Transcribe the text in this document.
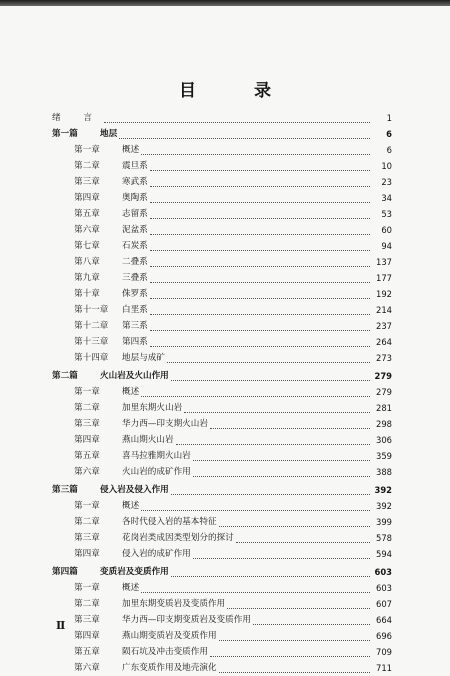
目 录
绪 言	1
第一篇	地层	6
第一章	概述	6
第二章	震旦系	10
第三章	寒武系	23
第四章	奥陶系	34
第五章	志留系	53
第六章	泥盆系	60
第七章	石炭系	94
第八章	二叠系	137
第九章	三叠系	177
第十章	侏罗系	192
第十一章 白垩系	214
第十二章 第三系	237
第十三章 第四系	264
第十四章 地层与成矿	273
第二篇	火山岩及火山作用	279
第一章	概述	279
第二章	加里东期火山岩	281
第三章	华力西—印支期火山岩	298
第四章	燕山期火山岩	306
第五章	喜马拉雅期火山岩	359
第六章	火山岩的成矿作用	388
第三篇	侵入岩及侵入作用	392
第一章	概述	392
第二章	各时代侵入岩的基本特征	399
第三章	花岗岩类成因类型划分的探讨	578
第四章	侵入岩的成矿作用	594
第四篇	变质岩及变质作用	603
第一章	概述	603
第二章	加里东期变质岩及变质作用	607
第三章	华力西—印支期变质岩及变质作用	664
第四章	燕山期变质岩及变质作用	696
第五章	陨石坑及冲击变质作用	709
第六章	广东变质作用及地壳演化	711
Ⅱ
